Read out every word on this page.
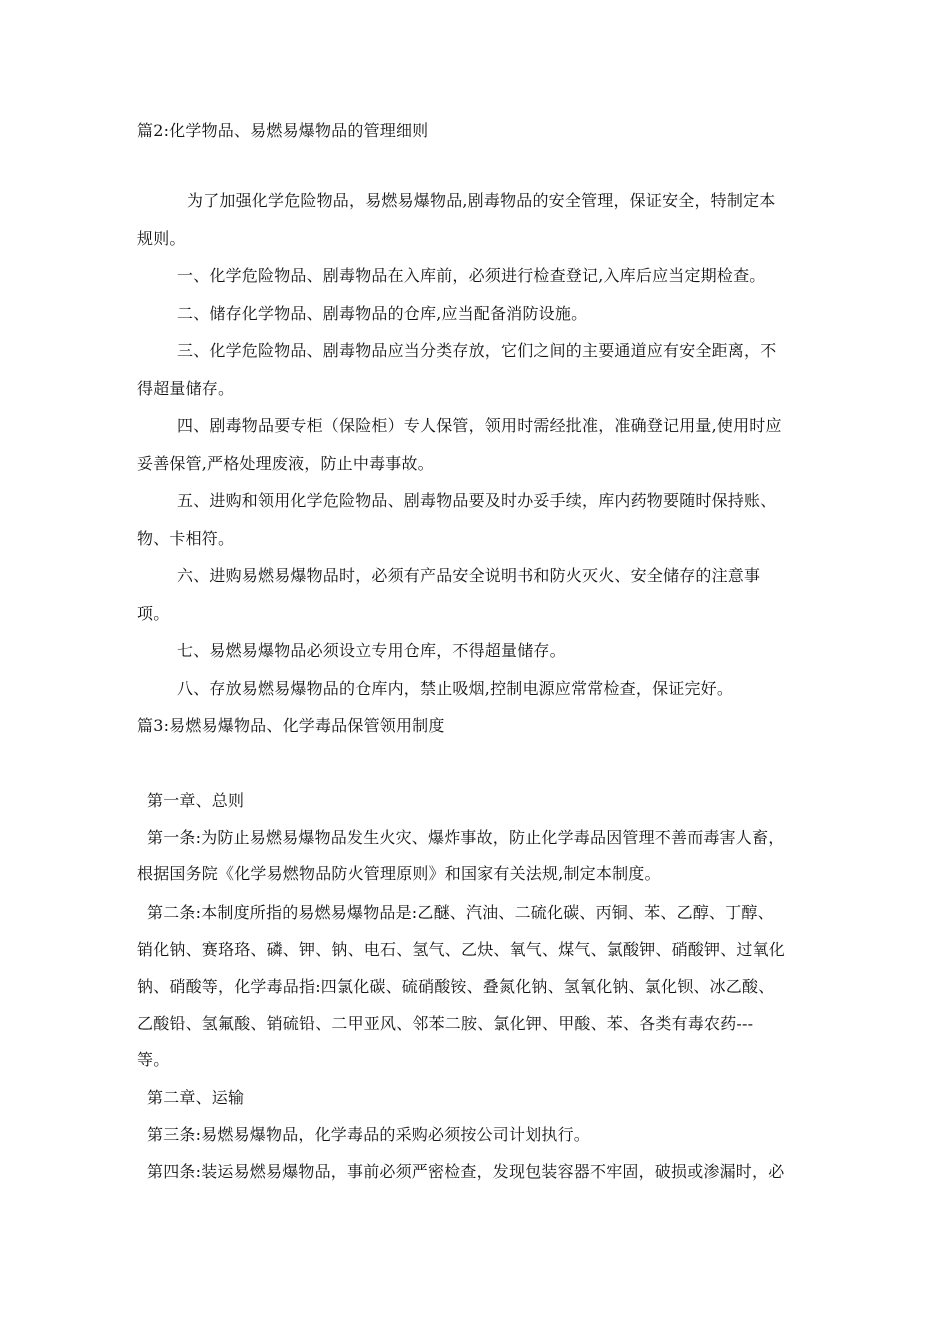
篇2:化学物品、易燃易爆物品的管理细则
为了加强化学危险物品，易燃易爆物品,剧毒物品的安全管理，保证安全，特制定本
规则。
一、化学危险物品、剧毒物品在入库前，必须进行检查登记,入库后应当定期检查。
二、储存化学物品、剧毒物品的仓库,应当配备消防设施。
三、化学危险物品、剧毒物品应当分类存放，它们之间的主要通道应有安全距离，不
得超量储存。
四、剧毒物品要专柜（保险柜）专人保管，领用时需经批准，准确登记用量,使用时应
妥善保管,严格处理废液，防止中毒事故。
五、进购和领用化学危险物品、剧毒物品要及时办妥手续，库内药物要随时保持账、
物、卡相符。
六、进购易燃易爆物品时，必须有产品安全说明书和防火灭火、安全储存的注意事
项。
七、易燃易爆物品必须设立专用仓库，不得超量储存。
八、存放易燃易爆物品的仓库内，禁止吸烟,控制电源应常常检查，保证完好。
篇3:易燃易爆物品、化学毒品保管领用制度
第一章、总则
第一条:为防止易燃易爆物品发生火灾、爆炸事故，防止化学毒品因管理不善而毒害人畜，
根据国务院《化学易燃物品防火管理原则》和国家有关法规,制定本制度。
第二条:本制度所指的易燃易爆物品是:乙醚、汽油、二硫化碳、丙铜、苯、乙醇、丁醇、
销化钠、赛珞珞、磷、钾、钠、电石、氢气、乙炔、氧气、煤气、氯酸钾、硝酸钾、过氧化
钠、硝酸等，化学毒品指:四氯化碳、硫硝酸铵、叠氮化钠、氢氧化钠、氯化钡、冰乙酸、
乙酸铅、氢氟酸、销硫铅、二甲亚风、邻苯二胺、氯化钾、甲酸、苯、各类有毒农药---
等。
第二章、运输
第三条:易燃易爆物品，化学毒品的采购必须按公司计划执行。
第四条:装运易燃易爆物品，事前必须严密检查，发现包装容器不牢固，破损或渗漏时，必
